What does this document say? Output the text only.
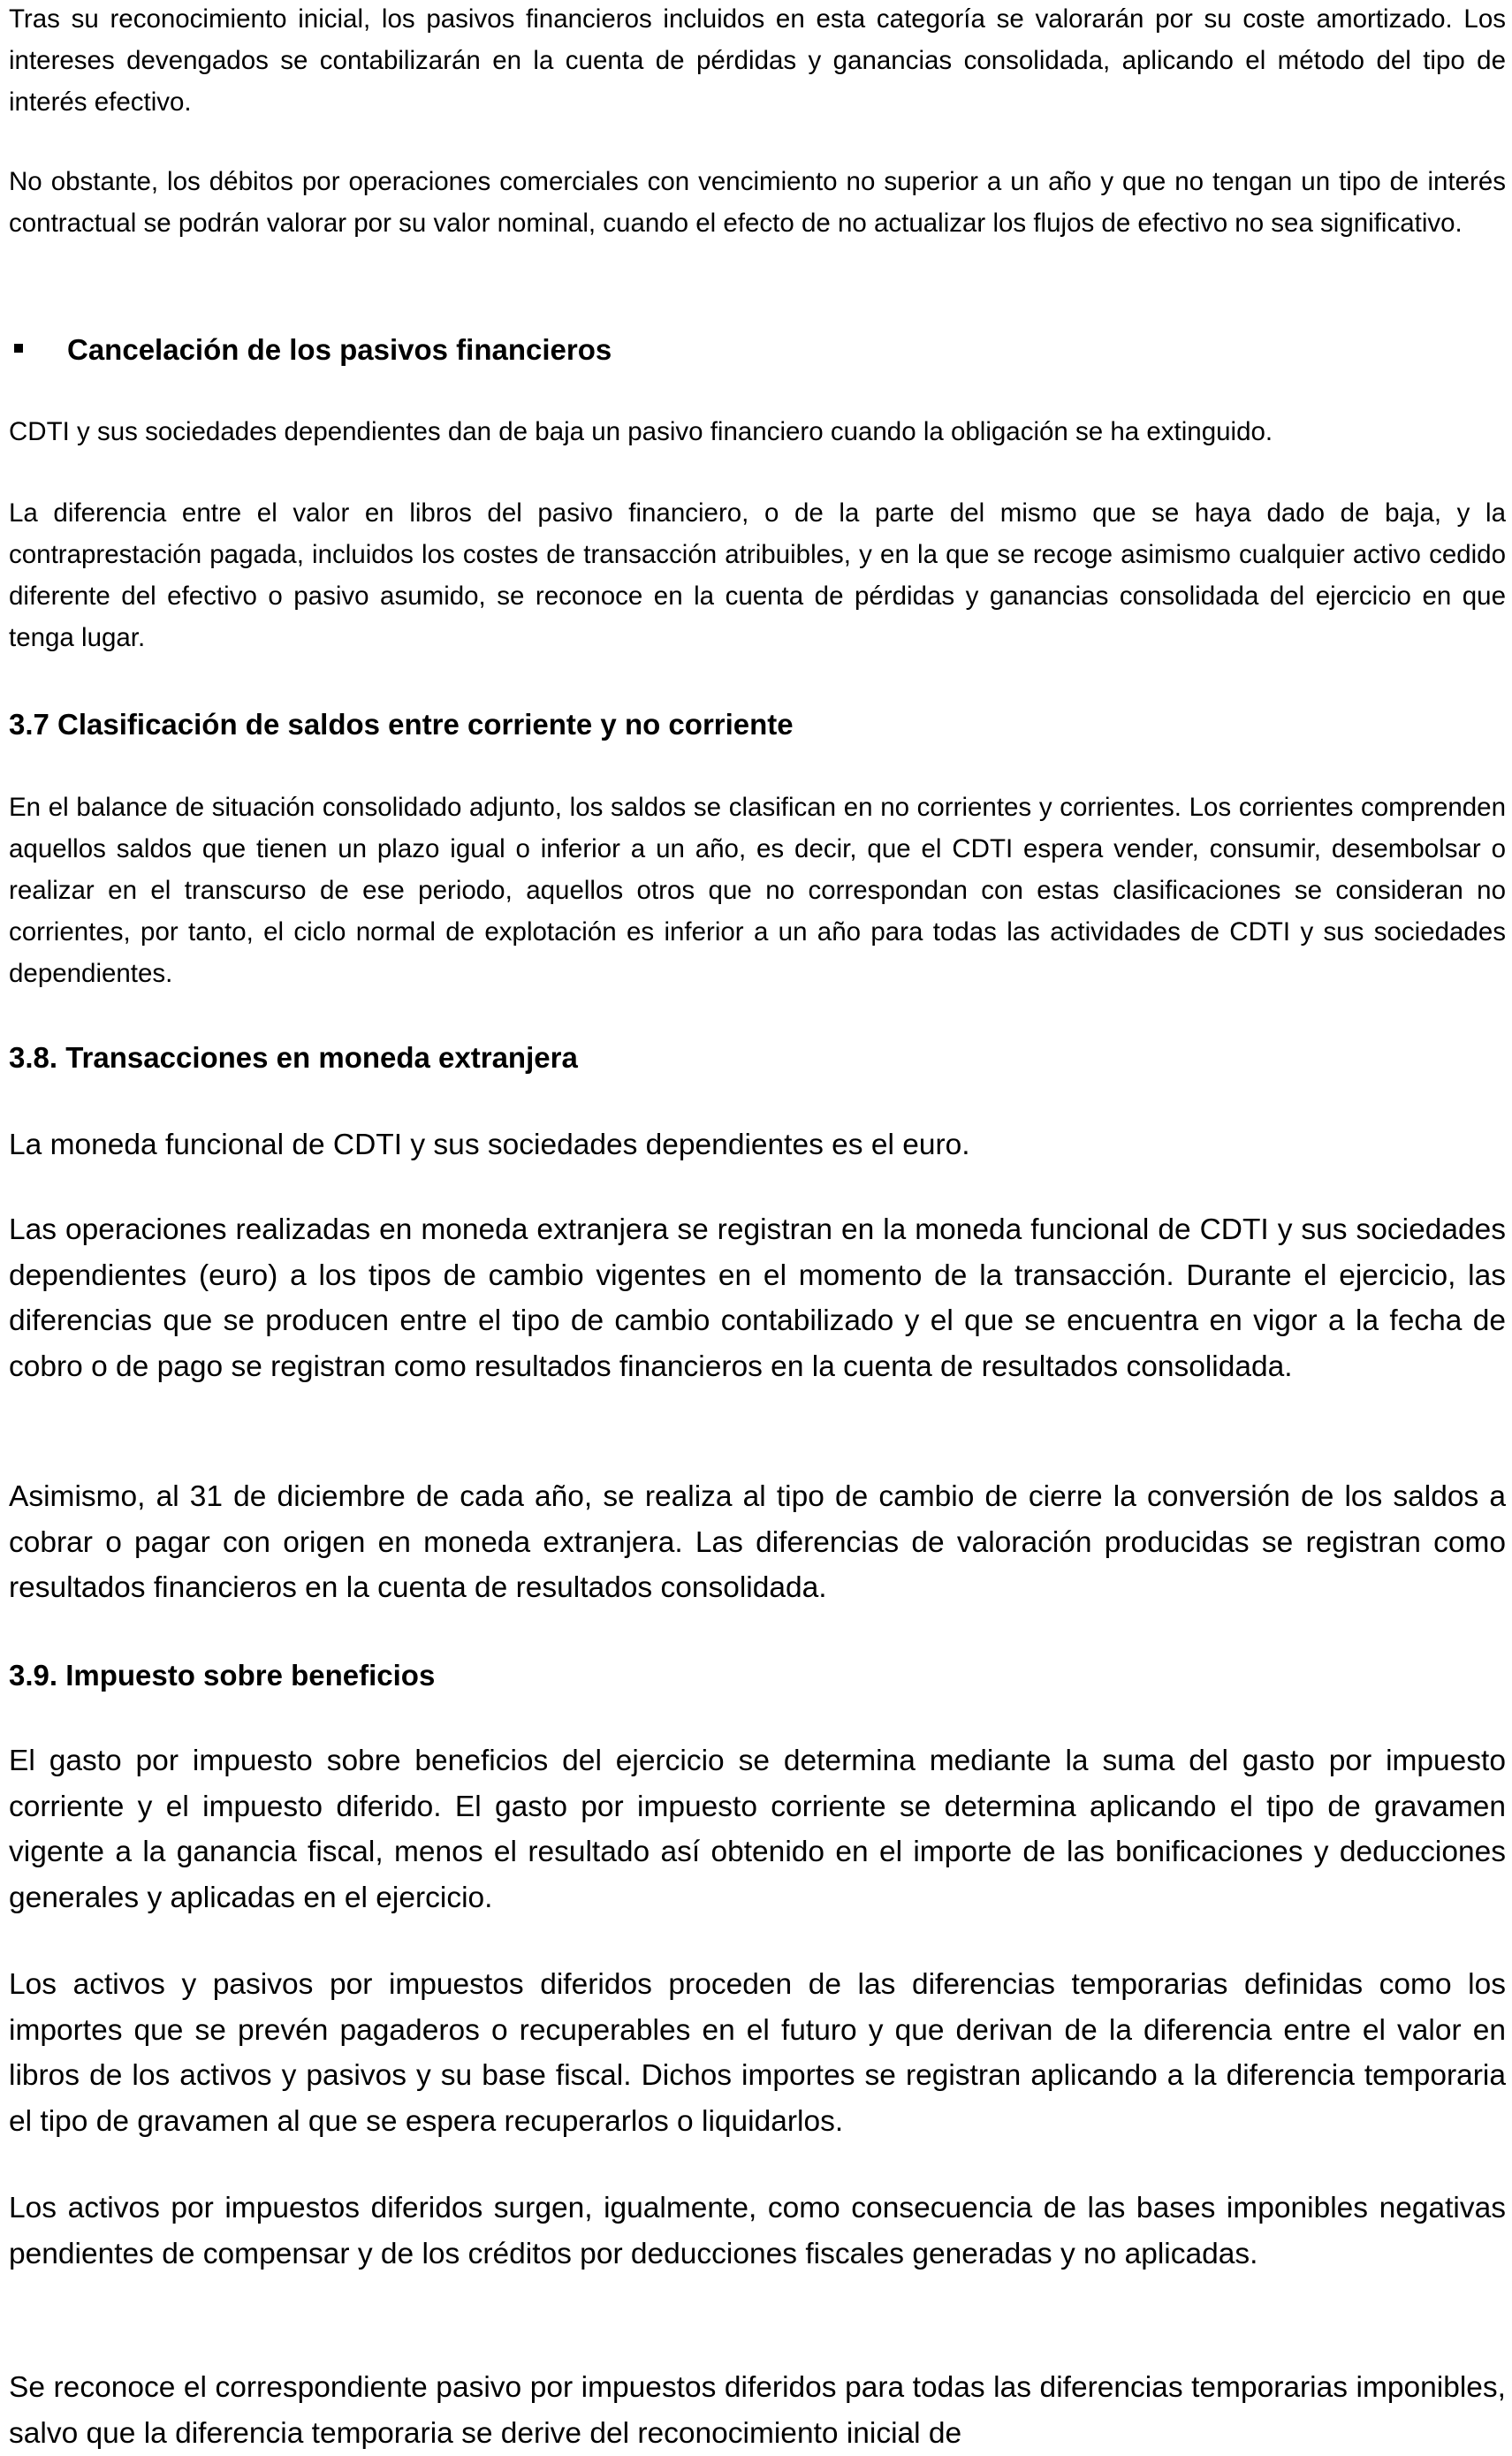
Tras su reconocimiento inicial, los pasivos financieros incluidos en esta categoría se valorarán por su coste amortizado. Los intereses devengados se contabilizarán en la cuenta de pérdidas y ganancias consolidada, aplicando el método del tipo de interés efectivo.

No obstante, los débitos por operaciones comerciales con vencimiento no superior a un año y que no tengan un tipo de interés contractual se podrán valorar por su valor nominal, cuando el efecto de no actualizar los flujos de efectivo no sea significativo.

Cancelación de los pasivos financieros

CDTI y sus sociedades dependientes dan de baja un pasivo financiero cuando la obligación se ha extinguido.

La diferencia entre el valor en libros del pasivo financiero, o de la parte del mismo que se haya dado de baja, y la contraprestación pagada, incluidos los costes de transacción atribuibles, y en la que se recoge asimismo cualquier activo cedido diferente del efectivo o pasivo asumido, se reconoce en la cuenta de pérdidas y ganancias consolidada del ejercicio en que tenga lugar.

3.7 Clasificación de saldos entre corriente y no corriente

En el balance de situación consolidado adjunto, los saldos se clasifican en no corrientes y corrientes. Los corrientes comprenden aquellos saldos que tienen un plazo igual o inferior a un año, es decir, que el CDTI espera vender, consumir, desembolsar o realizar en el transcurso de ese periodo, aquellos otros que no correspondan con estas clasificaciones se consideran no corrientes, por tanto, el ciclo normal de explotación es inferior a un año para todas las actividades de CDTI y sus sociedades dependientes.

3.8. Transacciones en moneda extranjera

La moneda funcional de CDTI y sus sociedades dependientes es el euro.

Las operaciones realizadas en moneda extranjera se registran en la moneda funcional de CDTI y sus sociedades dependientes (euro) a los tipos de cambio vigentes en el momento de la transacción. Durante el ejercicio, las diferencias que se producen entre el tipo de cambio contabilizado y el que se encuentra en vigor a la fecha de cobro o de pago se registran como resultados financieros en la cuenta de resultados consolidada.

Asimismo, al 31 de diciembre de cada año, se realiza al tipo de cambio de cierre la conversión de los saldos a cobrar o pagar con origen en moneda extranjera. Las diferencias de valoración producidas se registran como resultados financieros en la cuenta de resultados consolidada.

3.9. Impuesto sobre beneficios

El gasto por impuesto sobre beneficios del ejercicio se determina mediante la suma del gasto por impuesto corriente y el impuesto diferido. El gasto por impuesto corriente se determina aplicando el tipo de gravamen vigente a la ganancia fiscal, menos el resultado así obtenido en el importe de las bonificaciones y deducciones generales y aplicadas en el ejercicio.

Los activos y pasivos por impuestos diferidos proceden de las diferencias temporarias definidas como los importes que se prevén pagaderos o recuperables en el futuro y que derivan de la diferencia entre el valor en libros de los activos y pasivos y su base fiscal. Dichos importes se registran aplicando a la diferencia temporaria el tipo de gravamen al que se espera recuperarlos o liquidarlos.

Los activos por impuestos diferidos surgen, igualmente, como consecuencia de las bases imponibles negativas pendientes de compensar y de los créditos por deducciones fiscales generadas y no aplicadas.

Se reconoce el correspondiente pasivo por impuestos diferidos para todas las diferencias temporarias imponibles, salvo que la diferencia temporaria se derive del reconocimiento inicial de
